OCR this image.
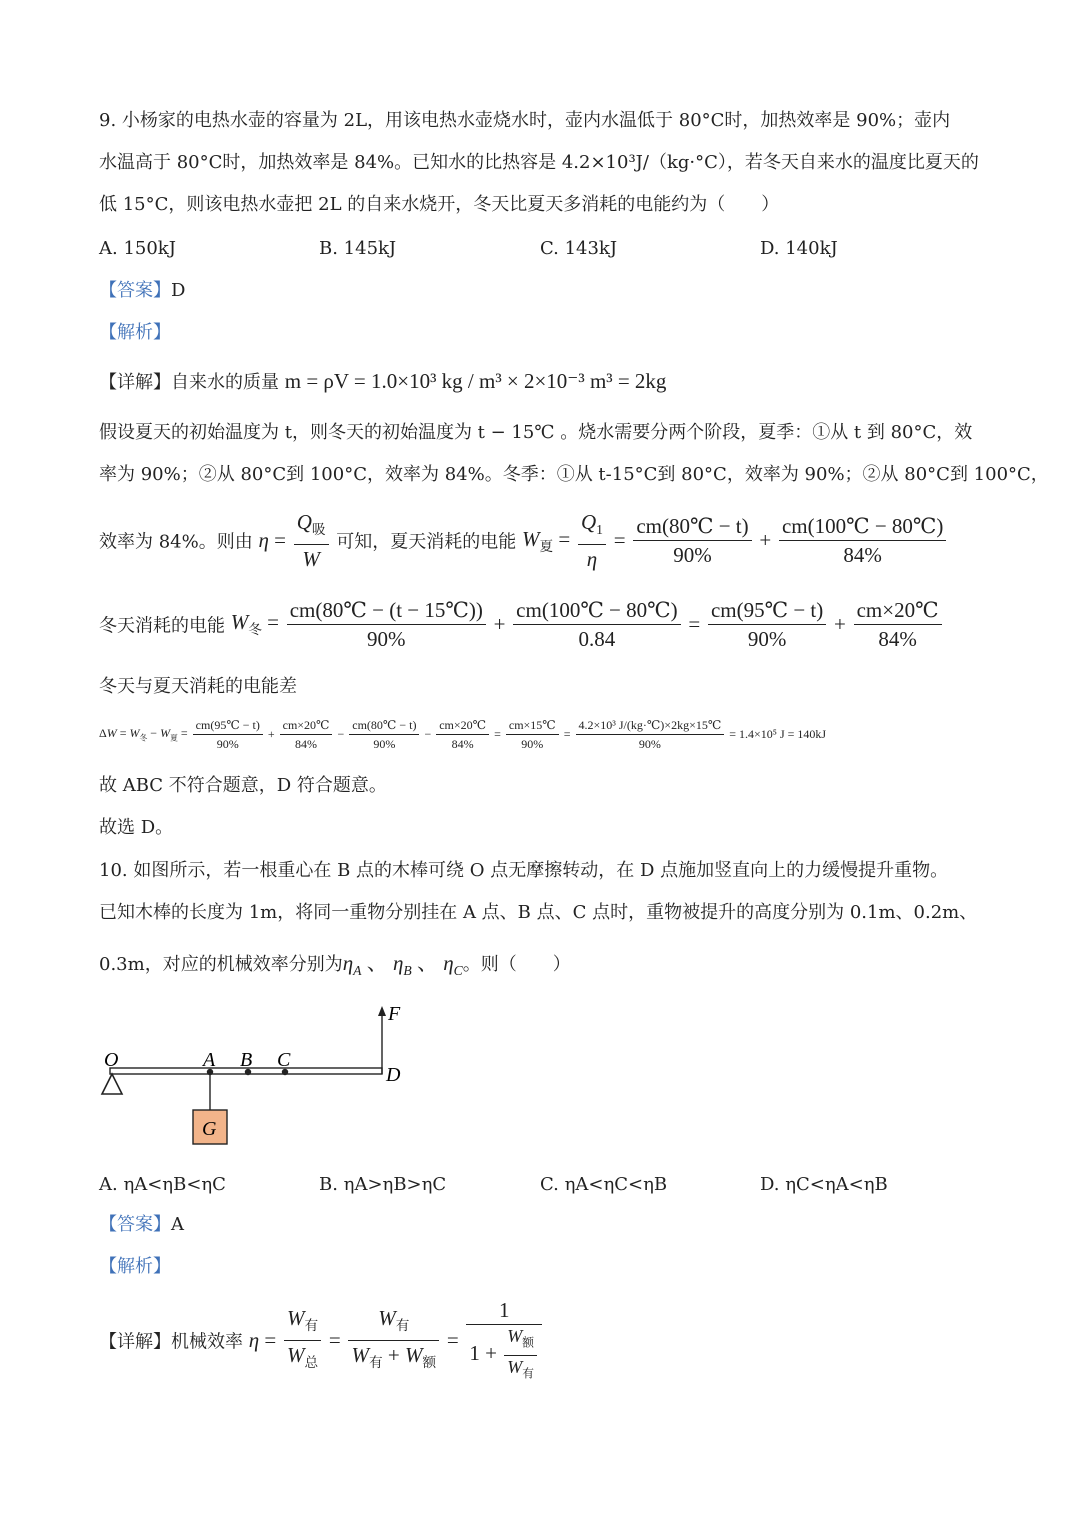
9. 小杨家的电热水壶的容量为 2L，用该电热水壶烧水时，壶内水温低于 80°C时，加热效率是 90%；壶内
水温高于 80°C时，加热效率是 84%。已知水的比热容是 4.2×10³J/（kg·°C），若冬天自来水的温度比夏天的
低 15°C，则该电热水壶把 2L 的自来水烧开，冬天比夏天多消耗的电能约为（　　）
A. 150kJ	B. 145kJ	C. 143kJ	D. 140kJ
【答案】D
【解析】
【详解】自来水的质量 m = ρV = 1.0×10³ kg / m³ × 2×10⁻³ m³ = 2kg
假设夏天的初始温度为 t，则冬天的初始温度为 t − 15℃ 。烧水需要分两个阶段，夏季：①从 t 到 80°C，效
率为 90%；②从 80°C到 100°C，效率为 84%。冬季：①从 t-15°C到 80°C，效率为 90%；②从 80°C到 100°C，
效率为 84%。则由 $\eta = \frac{Q_吸}{W}$ 可知，夏天消耗的电能 $W_夏 = \frac{Q_1}{\eta} = \frac{cm(80℃ - t)}{90\%} + \frac{cm(100℃ - 80℃)}{84\%}$
冬天消耗的电能 $W_冬 = \frac{cm(80℃ - (t - 15℃))}{90\%} + \frac{cm(100℃ - 80℃)}{0.84} = \frac{cm(95℃ - t)}{90\%} + \frac{cm\times 20℃}{84\%}$
冬天与夏天消耗的电能差
$\Delta W = W_冬 - W_夏 = \frac{cm(95℃ - t)}{90\%} + \frac{cm\times 20℃}{84\%} - \frac{cm(80℃ - t)}{90\%} - \frac{cm\times 20℃}{84\%} = \frac{cm\times 15℃}{90\%} = \frac{\text{4.2×10³ J/(kg·℃)×2kg×15℃}}{90\%} = 1.4\times 10^5$ J = 140kJ
故 ABC 不符合题意，D 符合题意。
故选 D。
10. 如图所示，若一根重心在 B 点的木棒可绕 O 点无摩擦转动，在 D 点施加竖直向上的力缓慢提升重物。
已知木棒的长度为 1m，将同一重物分别挂在 A 点、B 点、C 点时，重物被提升的高度分别为 0.1m、0.2m、
0.3m，对应的机械效率分别为$\eta_A$ 、 $\eta_B$ 、 $\eta_C$。则（　　）
O	A B C
D
F
G
A. ηA<ηB<ηC	B. ηA>ηB>ηC	C. ηA<ηC<ηB	D. ηC<ηA<ηB
【答案】A
【解析】
【详解】机械效率 $\eta = \frac{W_有}{W_总} = \frac{W_有}{W_有 + W_额} = \frac{1}{1 + \frac{W_额}{W_有}}$
